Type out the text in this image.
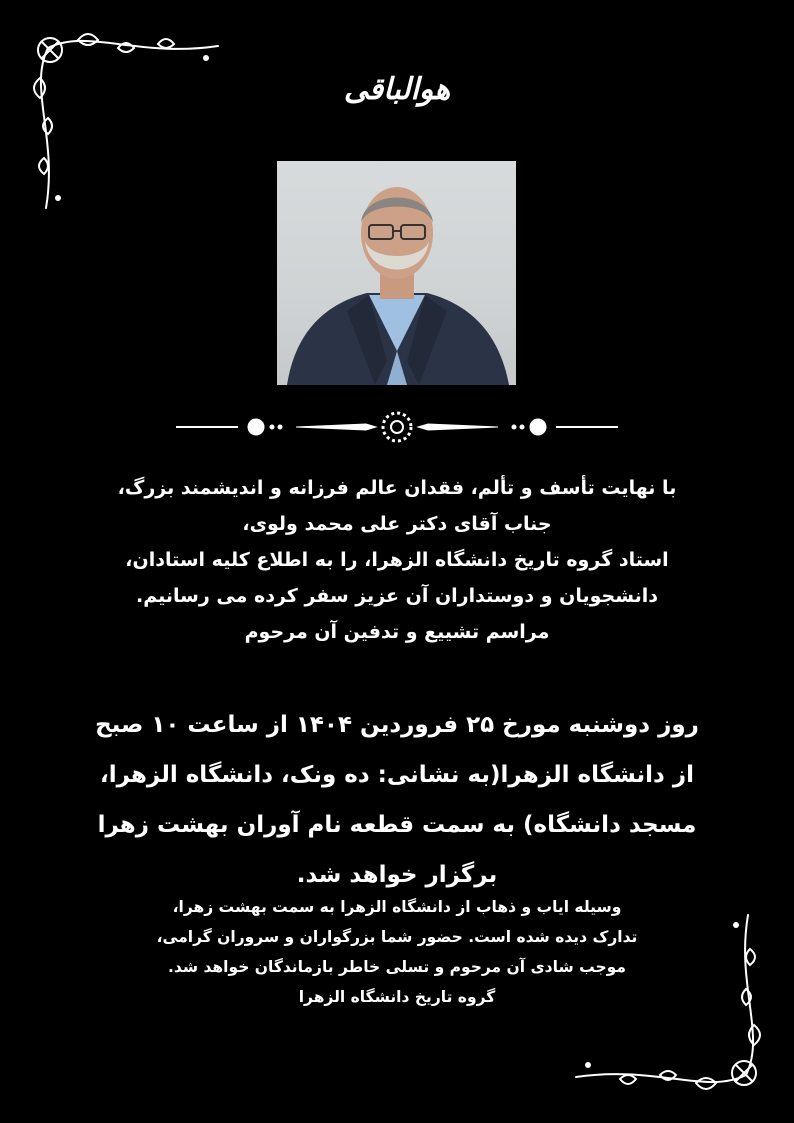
هوالباقی
با نهایت تأسف و تألم، فقدان عالم فرزانه و اندیشمند بزرگ،
جناب آقای دکتر علی محمد ولوی،
استاد گروه تاریخ دانشگاه الزهرا، را به اطلاع کلیه استادان،
دانشجویان و دوستداران آن عزیز سفر کرده می رسانیم.
مراسم تشییع و تدفین آن مرحوم
روز دوشنبه مورخ ۲۵ فروردین ۱۴۰۴ از ساعت ۱۰ صبح
از دانشگاه الزهرا(به نشانی: ده ونک، دانشگاه الزهرا،
مسجد دانشگاه) به سمت قطعه نام آوران بهشت زهرا
برگزار خواهد شد.
وسیله ایاب و ذهاب از دانشگاه الزهرا به سمت بهشت زهرا،
تدارک دیده شده است. حضور شما بزرگواران و سروران گرامی،
موجب شادی آن مرحوم و تسلی خاطر بازماندگان خواهد شد.
گروه تاریخ دانشگاه الزهرا
